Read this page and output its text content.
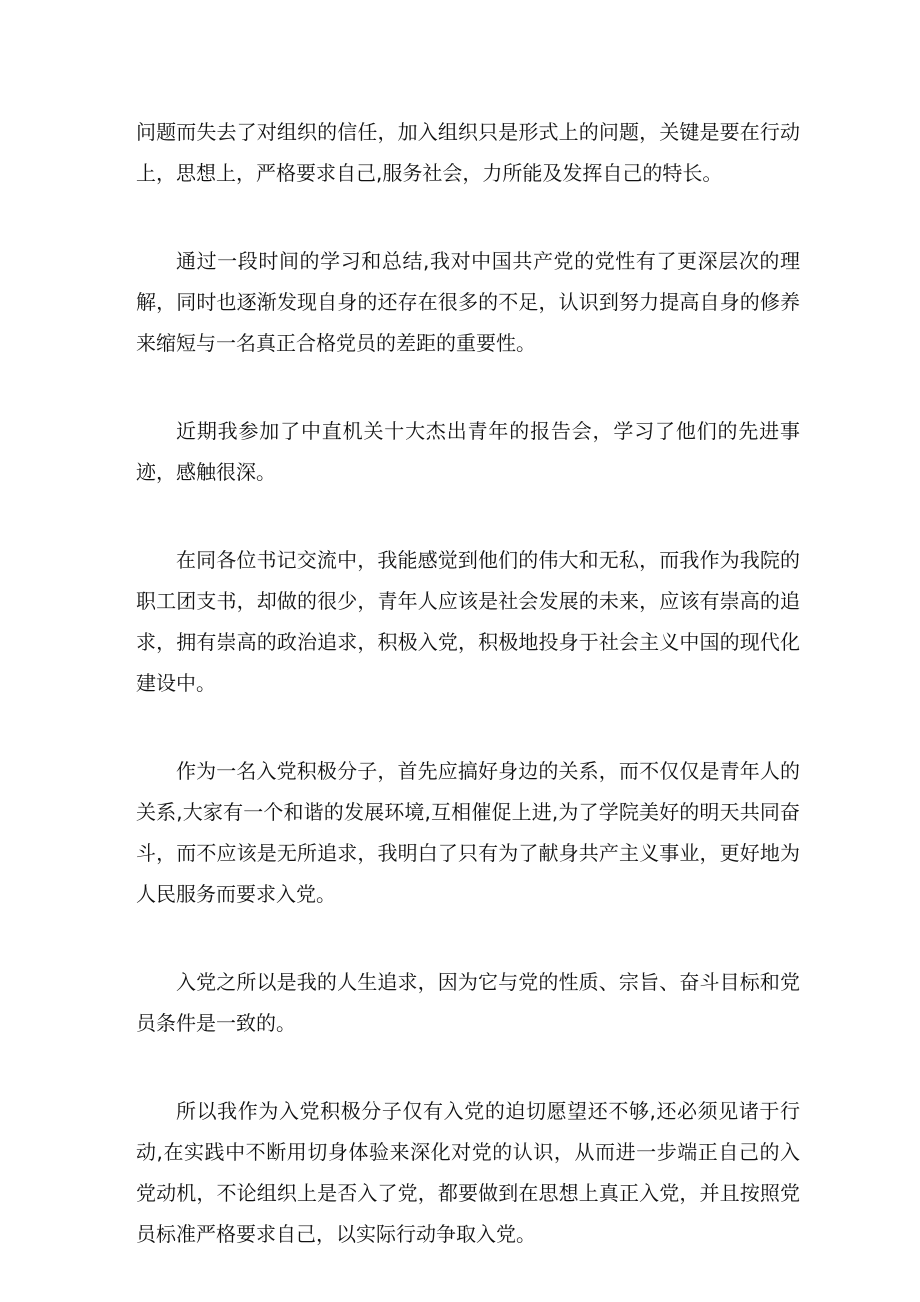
问题而失去了对组织的信任，加入组织只是形式上的问题，关键是要在行动上，思想上，严格要求自己,服务社会，力所能及发挥自己的特长。

通过一段时间的学习和总结,我对中国共产党的党性有了更深层次的理解，同时也逐渐发现自身的还存在很多的不足，认识到努力提高自身的修养来缩短与一名真正合格党员的差距的重要性。

近期我参加了中直机关十大杰出青年的报告会，学习了他们的先进事迹，感触很深。

在同各位书记交流中，我能感觉到他们的伟大和无私，而我作为我院的职工团支书，却做的很少，青年人应该是社会发展的未来，应该有崇高的追求，拥有崇高的政治追求，积极入党，积极地投身于社会主义中国的现代化建设中。

作为一名入党积极分子，首先应搞好身边的关系，而不仅仅是青年人的关系,大家有一个和谐的发展环境,互相催促上进,为了学院美好的明天共同奋斗，而不应该是无所追求，我明白了只有为了献身共产主义事业，更好地为人民服务而要求入党。

入党之所以是我的人生追求，因为它与党的性质、宗旨、奋斗目标和党员条件是一致的。

所以我作为入党积极分子仅有入党的迫切愿望还不够,还必须见诸于行动,在实践中不断用切身体验来深化对党的认识，从而进一步端正自己的入党动机，不论组织上是否入了党，都要做到在思想上真正入党，并且按照党员标准严格要求自己，以实际行动争取入党。
